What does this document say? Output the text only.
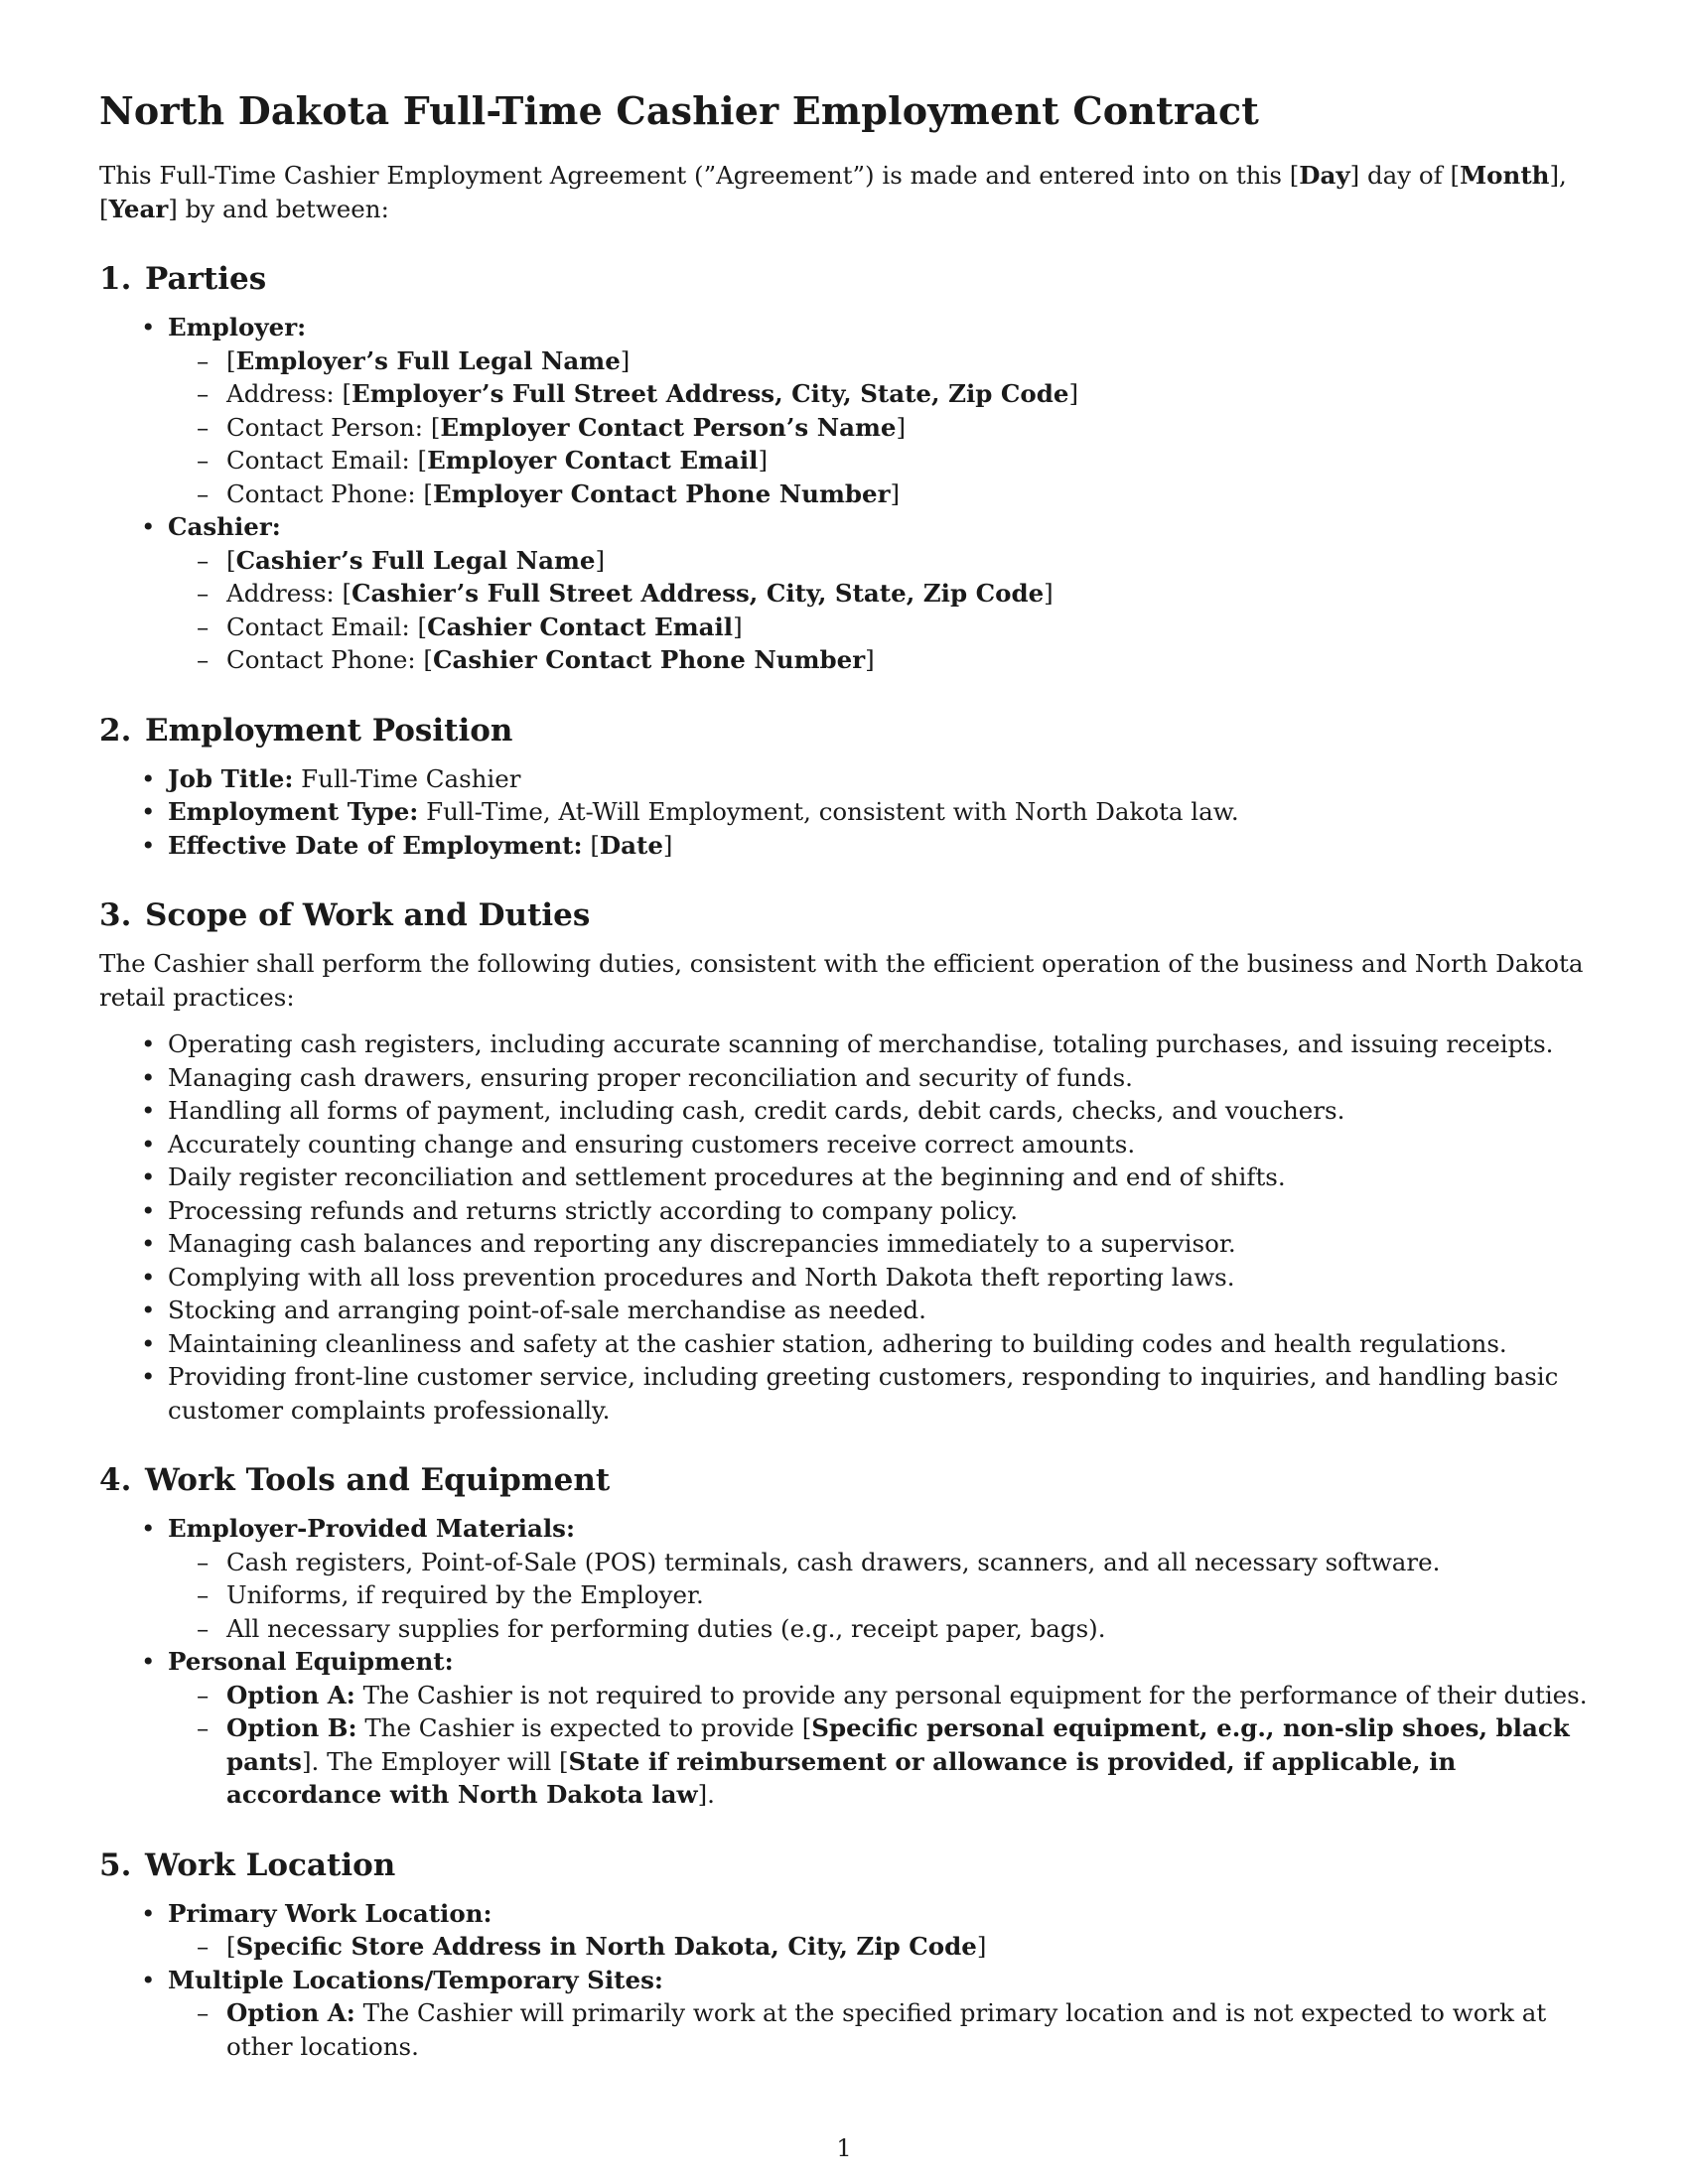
North Dakota Full-Time Cashier Employment Contract

This Full-Time Cashier Employment Agreement (”Agreement”) is made and entered into on this [Day] day of [Month], [Year] by and between:

1. Parties
• Employer:
– [Employer’s Full Legal Name]
– Address: [Employer’s Full Street Address, City, State, Zip Code]
– Contact Person: [Employer Contact Person’s Name]
– Contact Email: [Employer Contact Email]
– Contact Phone: [Employer Contact Phone Number]
• Cashier:
– [Cashier’s Full Legal Name]
– Address: [Cashier’s Full Street Address, City, State, Zip Code]
– Contact Email: [Cashier Contact Email]
– Contact Phone: [Cashier Contact Phone Number]
2. Employment Position
• Job Title: Full-Time Cashier
• Employment Type: Full-Time, At-Will Employment, consistent with North Dakota law.
• Effective Date of Employment: [Date]
3. Scope of Work and Duties

The Cashier shall perform the following duties, consistent with the efficient operation of the business and North Dakota retail practices:

• Operating cash registers, including accurate scanning of merchandise, totaling purchases, and issuing receipts.
• Managing cash drawers, ensuring proper reconciliation and security of funds.
• Handling all forms of payment, including cash, credit cards, debit cards, checks, and vouchers.
• Accurately counting change and ensuring customers receive correct amounts.
• Daily register reconciliation and settlement procedures at the beginning and end of shifts.
• Processing refunds and returns strictly according to company policy.
• Managing cash balances and reporting any discrepancies immediately to a supervisor.
• Complying with all loss prevention procedures and North Dakota theft reporting laws.
• Stocking and arranging point-of-sale merchandise as needed.
• Maintaining cleanliness and safety at the cashier station, adhering to building codes and health regulations.
• Providing front-line customer service, including greeting customers, responding to inquiries, and handling basic customer complaints professionally.
4. Work Tools and Equipment
• Employer-Provided Materials:
– Cash registers, Point-of-Sale (POS) terminals, cash drawers, scanners, and all necessary software.
– Uniforms, if required by the Employer.
– All necessary supplies for performing duties (e.g., receipt paper, bags).
• Personal Equipment:
– Option A: The Cashier is not required to provide any personal equipment for the performance of their duties.
– Option B: The Cashier is expected to provide [Specific personal equipment, e.g., non-slip shoes, black pants]. The Employer will [State if reimbursement or allowance is provided, if applicable, in accordance with North Dakota law].
5. Work Location
• Primary Work Location:
– [Specific Store Address in North Dakota, City, Zip Code]
• Multiple Locations/Temporary Sites:
– Option A: The Cashier will primarily work at the specified primary location and is not expected to work at other locations.
1
